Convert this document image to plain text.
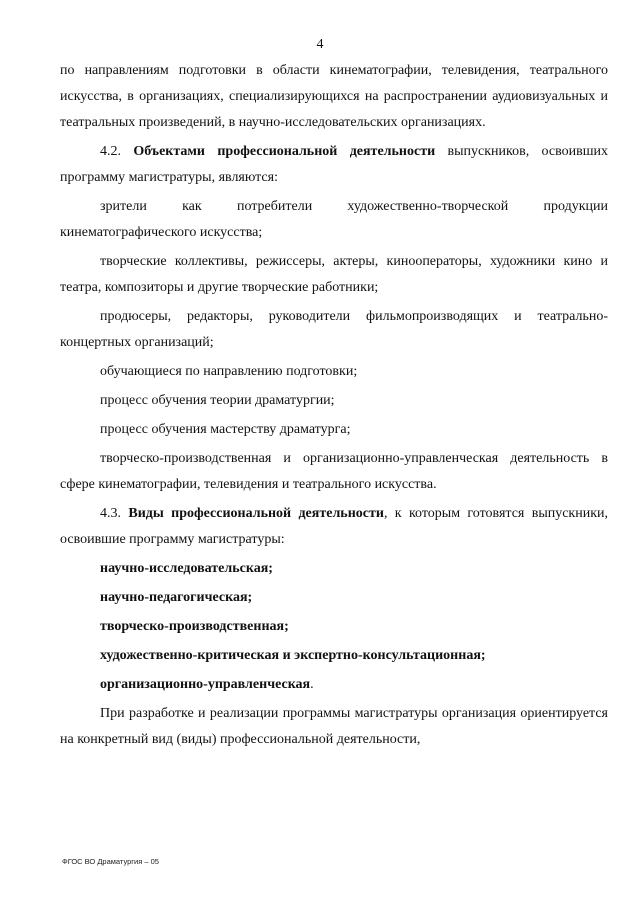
4

по направлениям подготовки в области кинематографии, телевидения, театрального искусства, в организациях, специализирующихся на распространении аудиовизуальных и театральных произведений, в научно-исследовательских организациях.

4.2. Объектами профессиональной деятельности выпускников, освоивших программу магистратуры, являются:

зрители как потребители художественно-творческой продукции кинематографического искусства;

творческие коллективы, режиссеры, актеры, кинооператоры, художники кино и театра, композиторы и другие творческие работники;

продюсеры, редакторы, руководители фильмопроизводящих и театрально-концертных организаций;

обучающиеся по направлению подготовки;

процесс обучения теории драматургии;

процесс обучения мастерству драматурга;

творческо-производственная и организационно-управленческая деятельность в сфере кинематографии, телевидения и театрального искусства.

4.3. Виды профессиональной деятельности, к которым готовятся выпускники, освоившие программу магистратуры:

научно-исследовательская;
научно-педагогическая;
творческо-производственная;
художественно-критическая и экспертно-консультационная;
организационно-управленческая.

При разработке и реализации программы магистратуры организация ориентируется на конкретный вид (виды) профессиональной деятельности,

ФГОС ВО Драматургия – 05
